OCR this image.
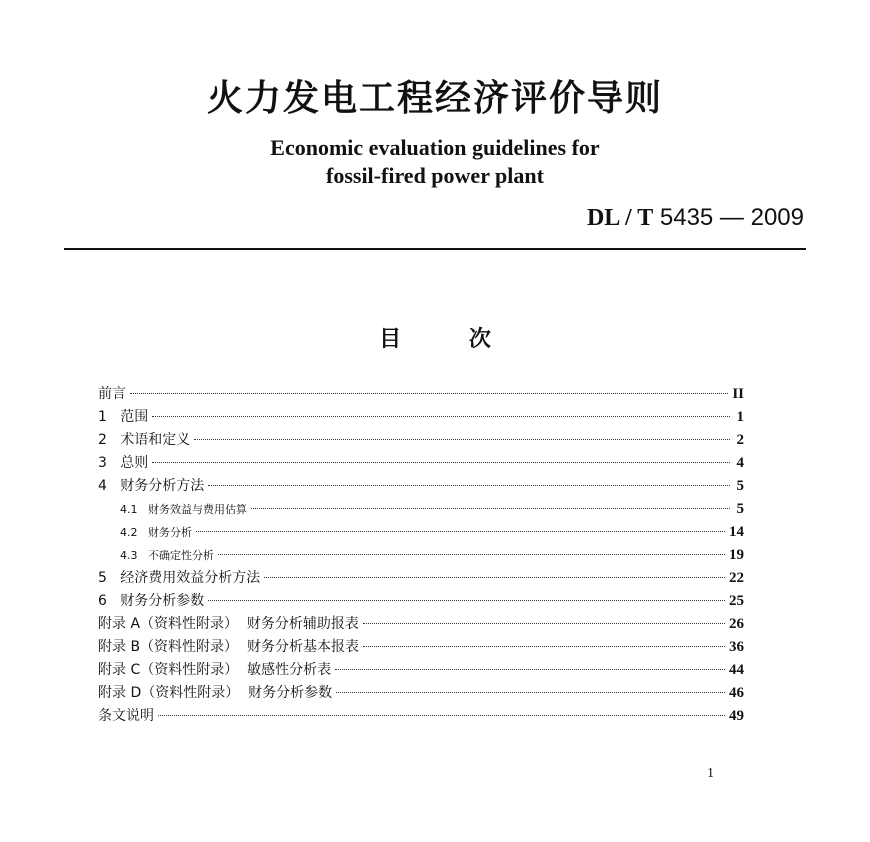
火力发电工程经济评价导则
Economic evaluation guidelines for
fossil-fired power plant
DL / T 5435 — 2009
目 次
前言	II
1   范围	1
2   术语和定义	2
3   总则	4
4   财务分析方法	5
4.1   财务效益与费用估算	5
4.2   财务分析	14
4.3   不确定性分析	19
5   经济费用效益分析方法	22
6   财务分析参数	25
附录 A（资料性附录）  财务分析辅助报表	26
附录 B（资料性附录）  财务分析基本报表	36
附录 C（资料性附录）  敏感性分析表	44
附录 D（资料性附录）  财务分析参数	46
条文说明	49
1
